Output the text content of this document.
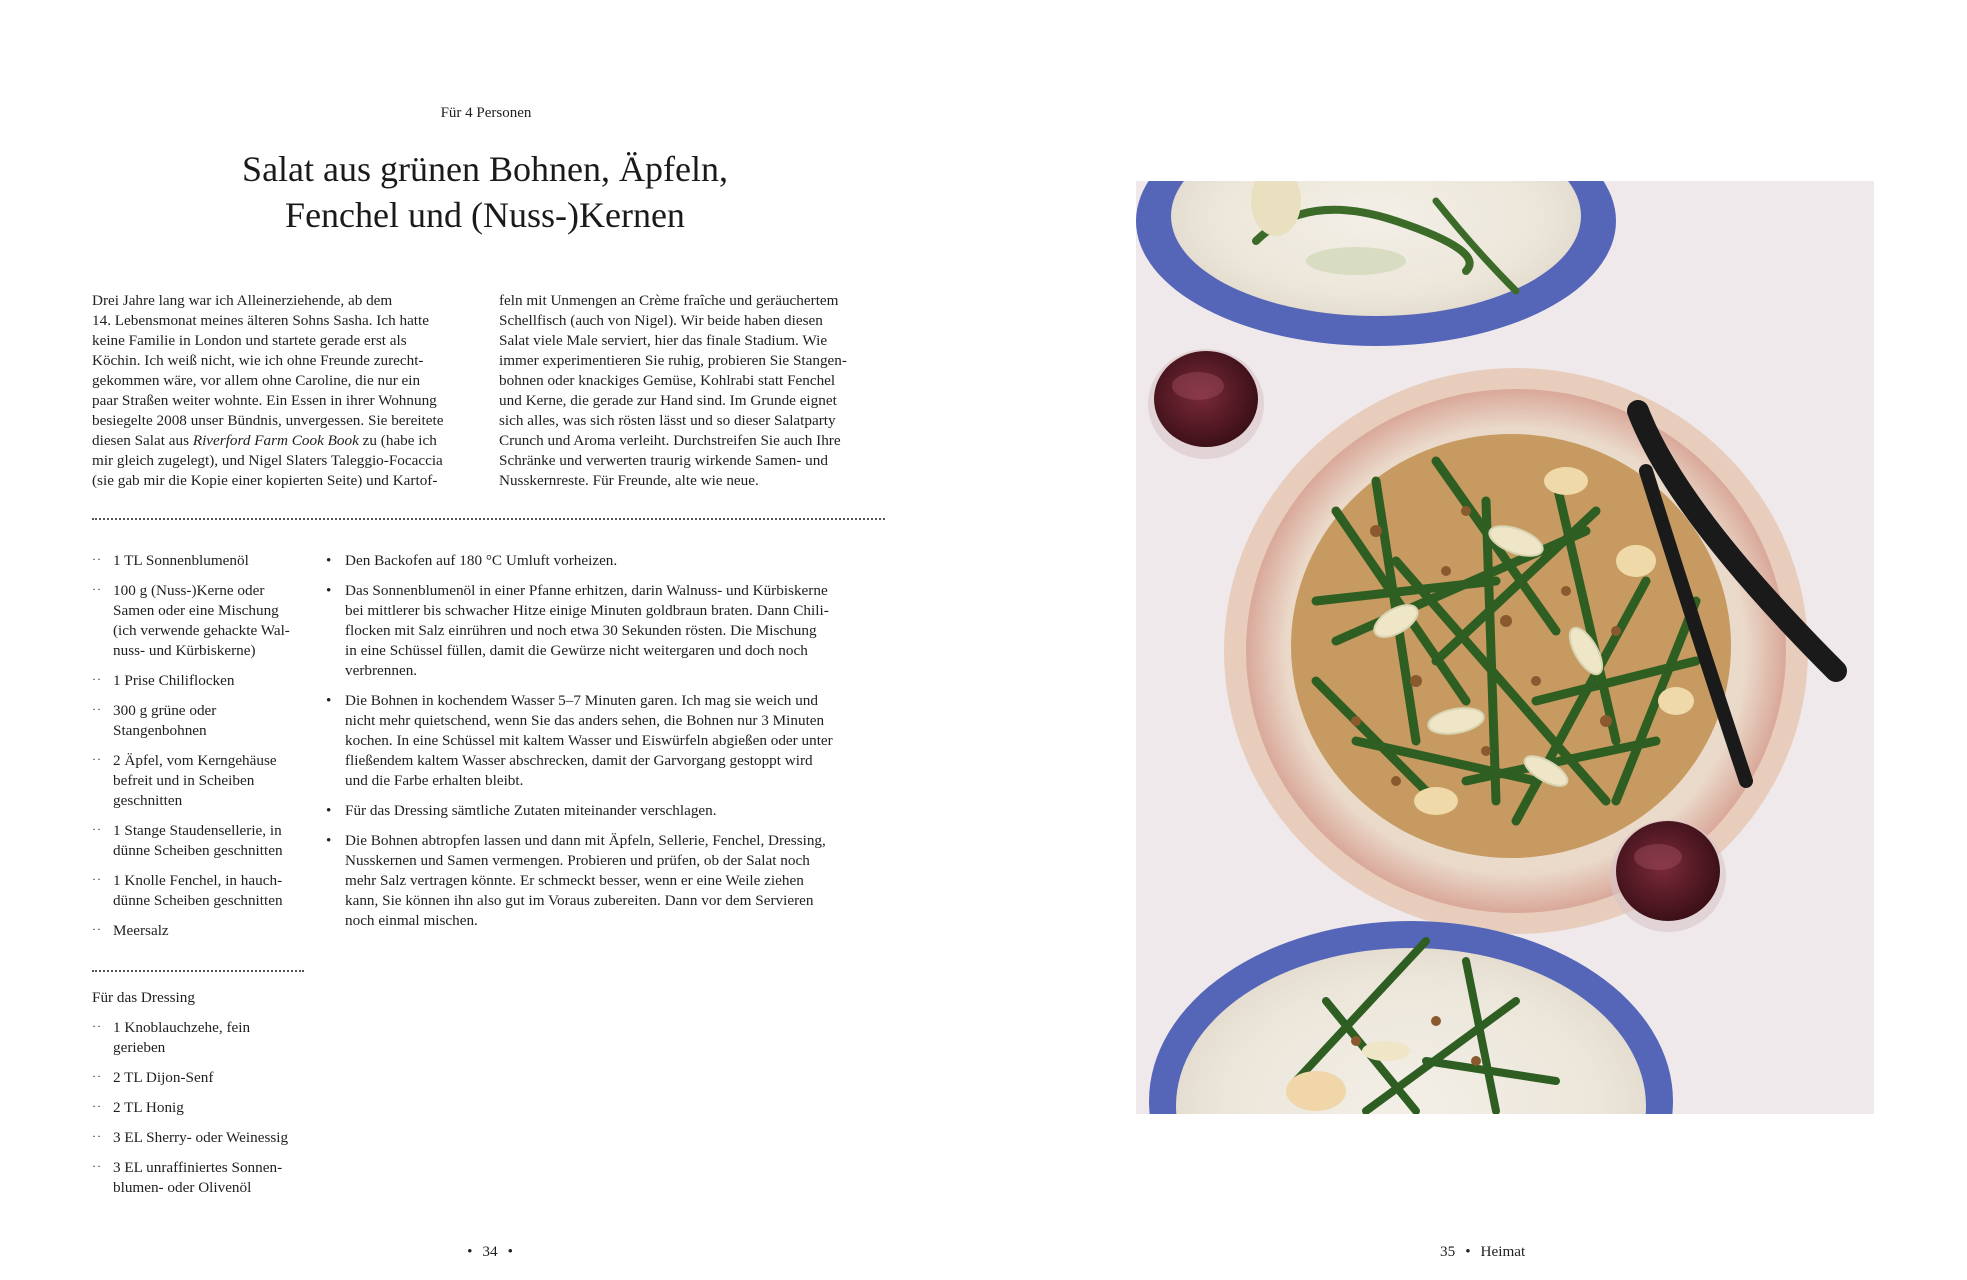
Für 4 Personen
Salat aus grünen Bohnen, Äpfeln,
Fenchel und (Nuss-)Kernen
Drei Jahre lang war ich Alleinerziehende, ab dem
14. Lebensmonat meines älteren Sohns Sasha. Ich hatte
keine Familie in London und startete gerade erst als
Köchin. Ich weiß nicht, wie ich ohne Freunde zurecht-
gekommen wäre, vor allem ohne Caroline, die nur ein
paar Straßen weiter wohnte. Ein Essen in ihrer Wohnung
besiegelte 2008 unser Bündnis, unvergessen. Sie bereitete
diesen Salat aus Riverford Farm Cook Book zu (habe ich
mir gleich zugelegt), und Nigel Slaters Taleggio-Focaccia
(sie gab mir die Kopie einer kopierten Seite) und Kartof-
feln mit Unmengen an Crème fraîche und geräuchertem
Schellfisch (auch von Nigel). Wir beide haben diesen
Salat viele Male serviert, hier das finale Stadium. Wie
immer experimentieren Sie ruhig, probieren Sie Stangen-
bohnen oder knackiges Gemüse, Kohlrabi statt Fenchel
und Kerne, die gerade zur Hand sind. Im Grunde eignet
sich alles, was sich rösten lässt und so dieser Salatparty
Crunch und Aroma verleiht. Durchstreifen Sie auch Ihre
Schränke und verwerten traurig wirkende Samen- und
Nusskernreste. Für Freunde, alte wie neue.
·· 1 TL Sonnenblumenöl
·· 100 g (Nuss-)Kerne oder
Samen oder eine Mischung
(ich verwende gehackte Wal-
nuss- und Kürbiskerne)
·· 1 Prise Chiliflocken
·· 300 g grüne oder
Stangenbohnen
·· 2 Äpfel, vom Kerngehäuse
befreit und in Scheiben
geschnitten
·· 1 Stange Staudensellerie, in
dünne Scheiben geschnitten
·· 1 Knolle Fenchel, in hauch-
dünne Scheiben geschnitten
·· Meersalz
Für das Dressing
·· 1 Knoblauchzehe, fein
gerieben
·· 2 TL Dijon-Senf
·· 2 TL Honig
·· 3 EL Sherry- oder Weinessig
·· 3 EL unraffiniertes Sonnen-
blumen- oder Olivenöl
• Den Backofen auf 180 °C Umluft vorheizen.
• Das Sonnenblumenöl in einer Pfanne erhitzen, darin Walnuss- und Kürbiskerne
bei mittlerer bis schwacher Hitze einige Minuten goldbraun braten. Dann Chili-
flocken mit Salz einrühren und noch etwa 30 Sekunden rösten. Die Mischung
in eine Schüssel füllen, damit die Gewürze nicht weitergaren und doch noch
verbrennen.
• Die Bohnen in kochendem Wasser 5–7 Minuten garen. Ich mag sie weich und
nicht mehr quietschend, wenn Sie das anders sehen, die Bohnen nur 3 Minuten
kochen. In eine Schüssel mit kaltem Wasser und Eiswürfeln abgießen oder unter
fließendem kaltem Wasser abschrecken, damit der Garvorgang gestoppt wird
und die Farbe erhalten bleibt.
• Für das Dressing sämtliche Zutaten miteinander verschlagen.
• Die Bohnen abtropfen lassen und dann mit Äpfeln, Sellerie, Fenchel, Dressing,
Nusskernen und Samen vermengen. Probieren und prüfen, ob der Salat noch
mehr Salz vertragen könnte. Er schmeckt besser, wenn er eine Weile ziehen
kann, Sie können ihn also gut im Voraus zubereiten. Dann vor dem Servieren
noch einmal mischen.
• 34 •	35 • Heimat
